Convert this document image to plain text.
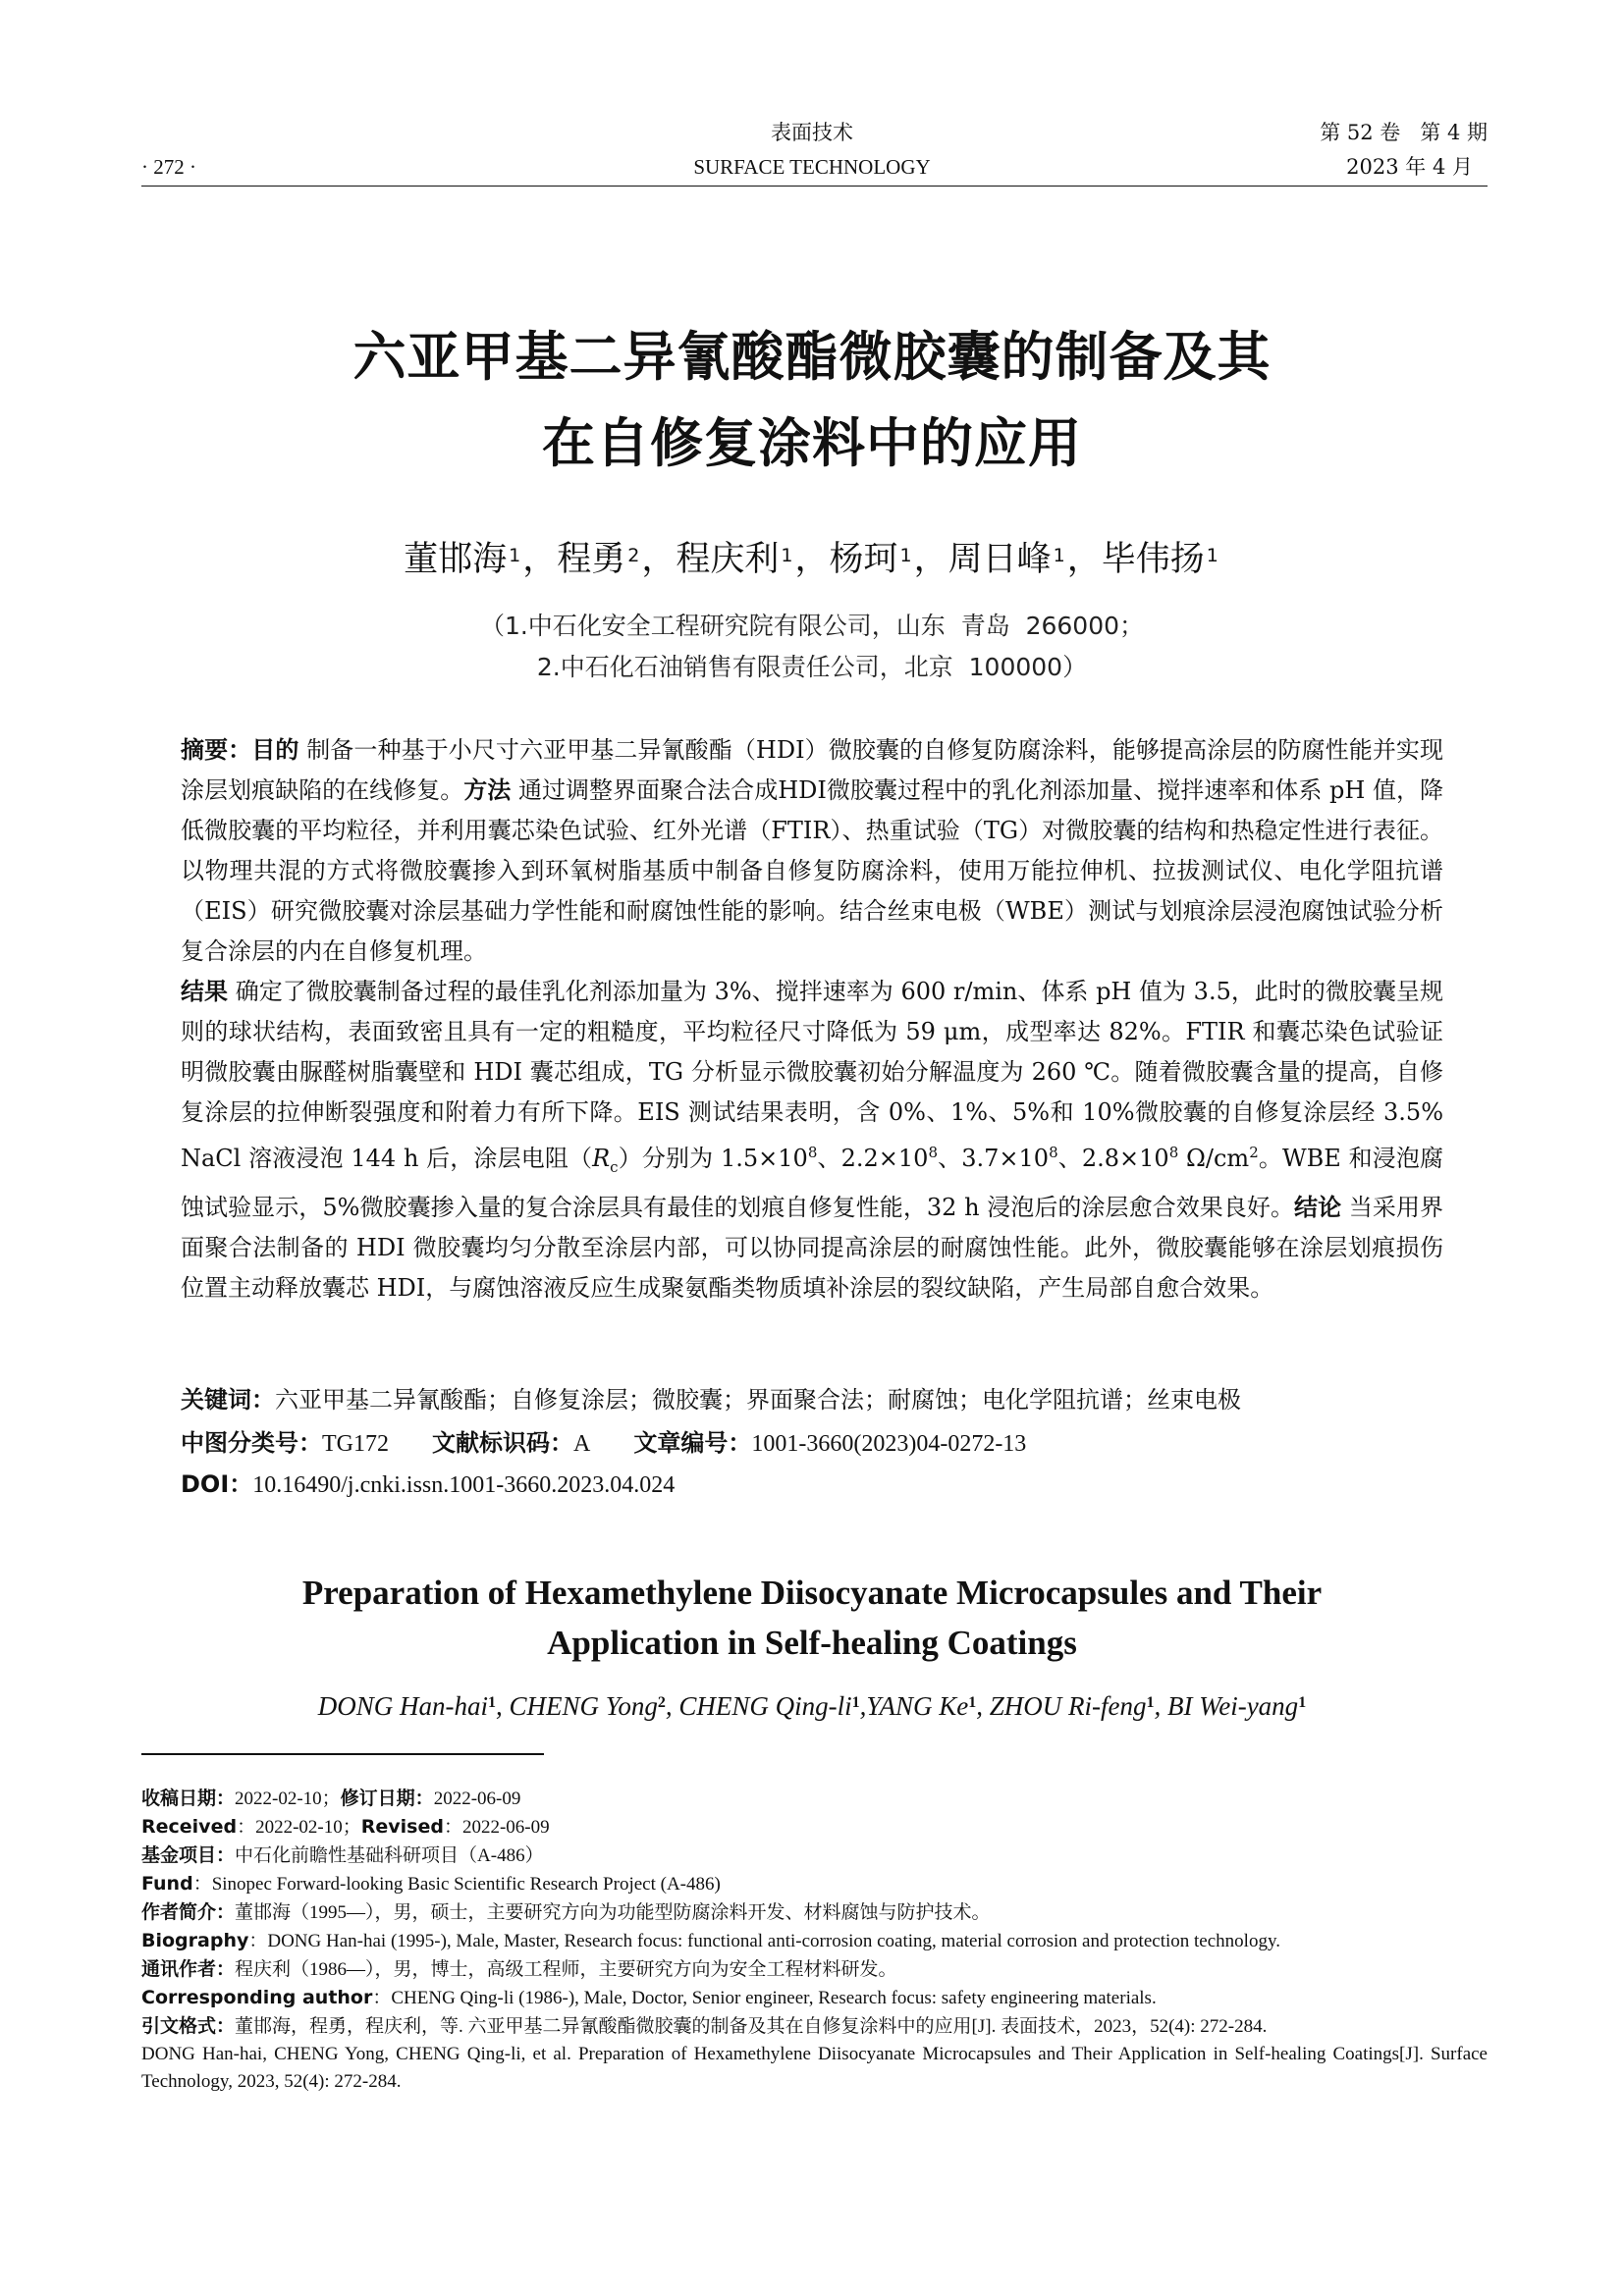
· 272 ·
表面技术
SURFACE TECHNOLOGY
第 52 卷   第 4 期
2023 年 4 月
六亚甲基二异氰酸酯微胶囊的制备及其
在自修复涂料中的应用
董邯海 $^1$，程勇 $^2$，程庆利 $^1$，杨珂 $^1$，周日峰 $^1$，毕伟扬 $^1$
（1.中石化安全工程研究院有限公司，山东  青岛  266000；
2.中石化石油销售有限责任公司，北京  100000）
摘要：目的 制备一种基于小尺寸六亚甲基二异氰酸酯（HDI）微胶囊的自修复防腐涂料，能够提高涂层的防腐性能并实现涂层划痕缺陷的在线修复。方法 通过调整界面聚合法合成HDI微胶囊过程中的乳化剂添加量、搅拌速率和体系 pH 值，降低微胶囊的平均粒径，并利用囊芯染色试验、红外光谱（FTIR）、热重试验（TG）对微胶囊的结构和热稳定性进行表征。以物理共混的方式将微胶囊掺入到环氧树脂基质中制备自修复防腐涂料，使用万能拉伸机、拉拔测试仪、电化学阻抗谱（EIS）研究微胶囊对涂层基础力学性能和耐腐蚀性能的影响。结合丝束电极（WBE）测试与划痕涂层浸泡腐蚀试验分析复合涂层的内在自修复机理。
结果 确定了微胶囊制备过程的最佳乳化剂添加量为 3%、搅拌速率为 600 r/min、体系 pH 值为 3.5，此时的微胶囊呈规则的球状结构，表面致密且具有一定的粗糙度，平均粒径尺寸降低为 59 μm，成型率达 82%。FTIR 和囊芯染色试验证明微胶囊由脲醛树脂囊壁和 HDI 囊芯组成，TG 分析显示微胶囊初始分解温度为 260 ℃。随着微胶囊含量的提高，自修复涂层的拉伸断裂强度和附着力有所下降。EIS 测试结果表明，含 0%、1%、5%和 10%微胶囊的自修复涂层经 3.5% NaCl 溶液浸泡 144 h 后，涂层电阻$(R_c)$分别为 $1.5\times 10^8$、$2.2\times 10^8$、$3.7\times 10^8$、$2.8\times 10^8$ $\Omega/cm^2$。WBE 和浸泡腐蚀试验显示，5%微胶囊掺入量的复合涂层具有最佳的划痕自修复性能，32 h 浸泡后的涂层愈合效果良好。结论 当采用界面聚合法制备的 HDI 微胶囊均匀分散至涂层内部，可以协同提高涂层的耐腐蚀性能。此外，微胶囊能够在涂层划痕损伤位置主动释放囊芯 HDI，与腐蚀溶液反应生成聚氨酯类物质填补涂层的裂纹缺陷，产生局部自愈合效果。
关键词：六亚甲基二异氰酸酯；自修复涂层；微胶囊；界面聚合法；耐腐蚀；电化学阻抗谱；丝束电极
中图分类号：TG172 文献标识码：A 文章编号：1001-3660(2023)04-0272-13
DOI：10.16490/j.cnki.issn.1001-3660.2023.04.024
Preparation of Hexamethylene Diisocyanate Microcapsules and Their
Application in Self-healing Coatings
DONG Han-hai$^1$, CHENG Yong$^2$, CHENG Qing-$li^1,YANG$ Ke$^1$, ZHOU Ri-feng$^1$, BI Wei-yang$^1$

收稿日期：2022-02-10；修订日期：2022-06-09

Received：2022-02-10；Revised：2022-06-09

基金项目：中石化前瞻性基础科研项目（A-486）

Fund：Sinopec Forward-looking Basic Scientific Research Project (A-486)

作者简介：董邯海（1995—），男，硕士，主要研究方向为功能型防腐涂料开发、材料腐蚀与防护技术。

Biography：DONG Han-hai (1995-), Male, Master, Research focus: functional anti-corrosion coating, material corrosion and protection technology.

通讯作者：程庆利（1986—），男，博士，高级工程师，主要研究方向为安全工程材料研发。

Corresponding author：CHENG Qing-li (1986-), Male, Doctor, Senior engineer, Research focus: safety engineering materials.

引文格式：董邯海，程勇，程庆利，等. 六亚甲基二异氰酸酯微胶囊的制备及其在自修复涂料中的应用[J]. 表面技术，2023，52(4): 272-284.

DONG Han-hai, CHENG Yong, CHENG Qing-li, et al. Preparation of Hexamethylene Diisocyanate Microcapsules and Their Application in Self-healing Coatings[J]. Surface Technology, 2023, 52(4): 272-284.
